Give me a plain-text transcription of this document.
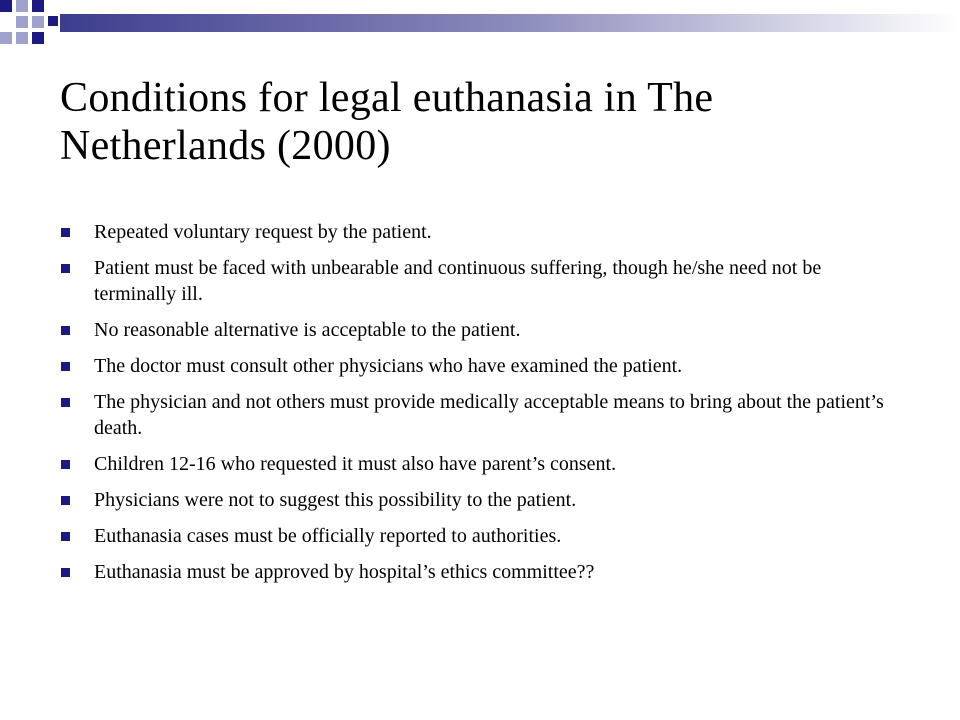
Conditions for legal euthanasia in The Netherlands (2000)
Repeated voluntary request by the patient.
Patient must be faced with unbearable and continuous suffering, though he/she need not be terminally ill.
No reasonable alternative is acceptable to the patient.
The doctor must consult other physicians who have examined the patient.
The physician and not others must provide medically acceptable means to bring about the patient’s death.
Children 12-16 who requested it must also have parent’s consent.
Physicians were not to suggest this possibility to the patient.
Euthanasia cases must be officially reported to authorities.
Euthanasia must be approved by hospital’s ethics committee??
